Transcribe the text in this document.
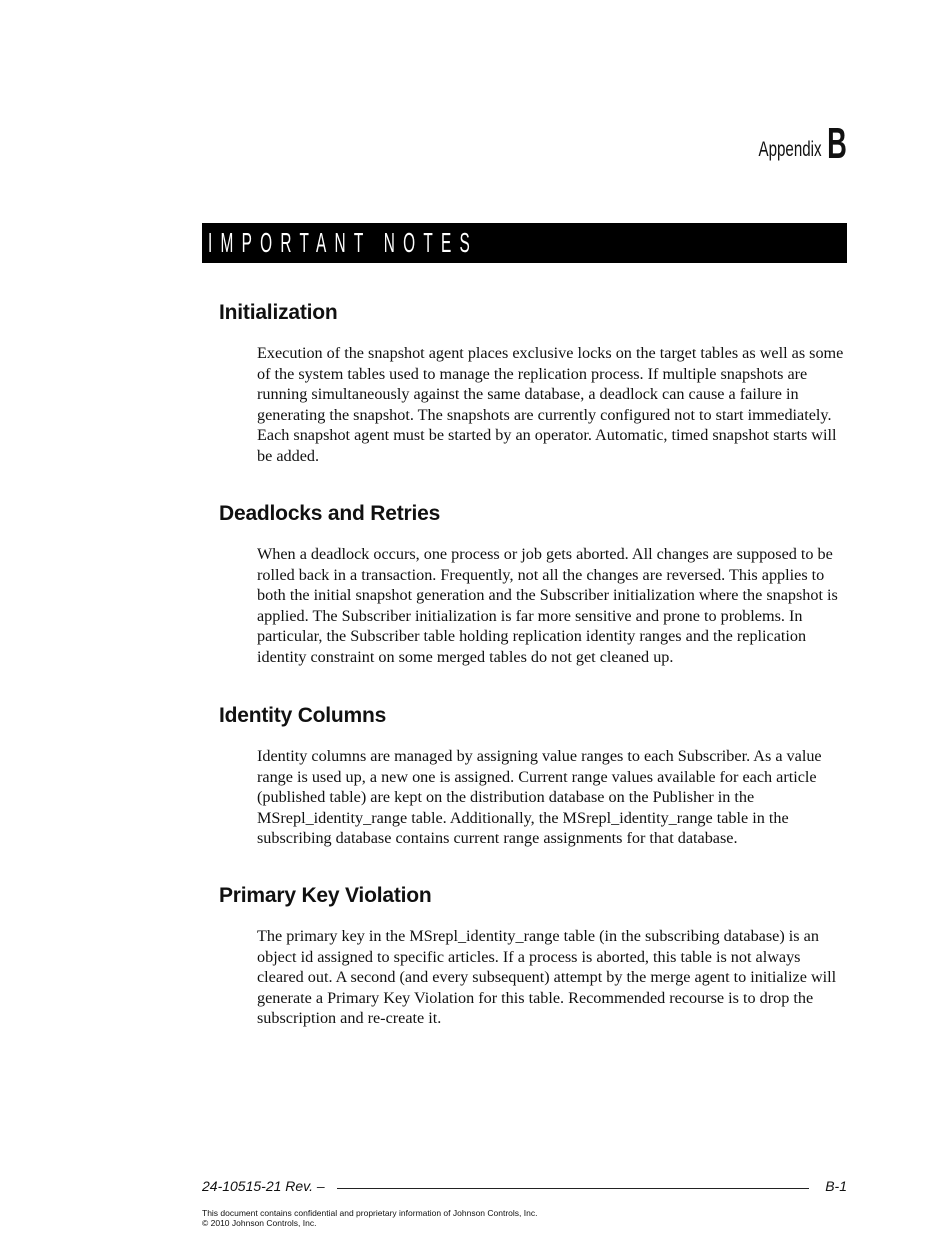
Appendix B
IMPORTANT NOTES
Initialization

Execution of the snapshot agent places exclusive locks on the target tables as well as some of the system tables used to manage the replication process. If multiple snapshots are running simultaneously against the same database, a deadlock can cause a failure in generating the snapshot. The snapshots are currently configured not to start immediately. Each snapshot agent must be started by an operator. Automatic, timed snapshot starts will be added.

Deadlocks and Retries

When a deadlock occurs, one process or job gets aborted. All changes are supposed to be rolled back in a transaction. Frequently, not all the changes are reversed. This applies to both the initial snapshot generation and the Subscriber initialization where the snapshot is applied. The Subscriber initialization is far more sensitive and prone to problems. In particular, the Subscriber table holding replication identity ranges and the replication identity constraint on some merged tables do not get cleaned up.

Identity Columns

Identity columns are managed by assigning value ranges to each Subscriber. As a value range is used up, a new one is assigned. Current range values available for each article (published table) are kept on the distribution database on the Publisher in the MSrepl_identity_range table. Additionally, the MSrepl_identity_range table in the subscribing database contains current range assignments for that database.

Primary Key Violation

The primary key in the MSrepl_identity_range table (in the subscribing database) is an object id assigned to specific articles. If a process is aborted, this table is not always cleared out. A second (and every subsequent) attempt by the merge agent to initialize will generate a Primary Key Violation for this table. Recommended recourse is to drop the subscription and re-create it.

24-10515-21 Rev. –	B-1
This document contains confidential and proprietary information of Johnson Controls, Inc.
© 2010 Johnson Controls, Inc.
